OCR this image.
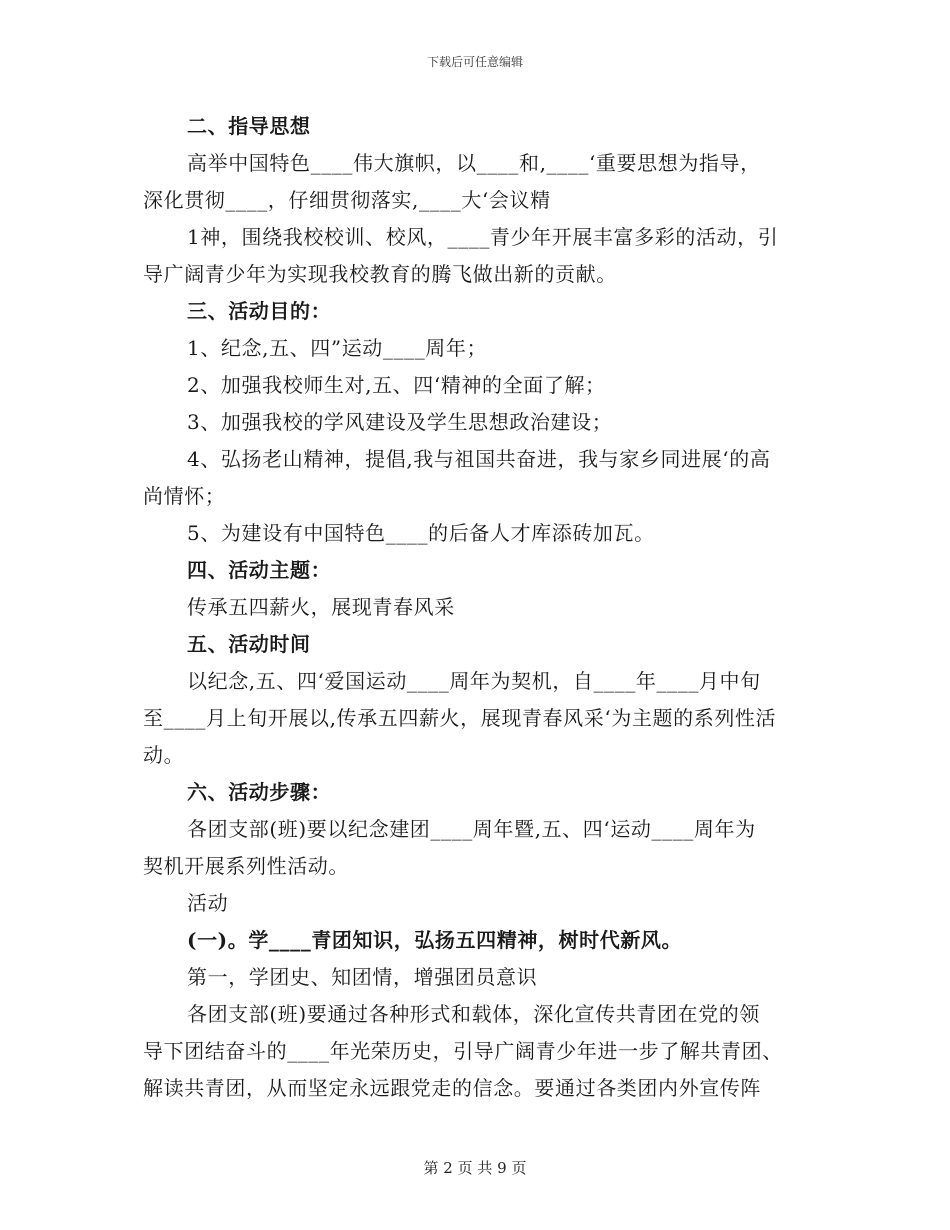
下载后可任意编辑
二、指导思想
高举中国特色____伟大旗帜，以____和,____‘重要思想为指导，
深化贯彻____，仔细贯彻落实,____大‘会议精
1神，围绕我校校训、校风，____青少年开展丰富多彩的活动，引
导广阔青少年为实现我校教育的腾飞做出新的贡献。
三、活动目的：
1、纪念,五、四”运动____周年；
2、加强我校师生对,五、四‘精神的全面了解；
3、加强我校的学风建设及学生思想政治建设；
4、弘扬老山精神，提倡,我与祖国共奋进，我与家乡同进展‘的高
尚情怀；
5、为建设有中国特色____的后备人才库添砖加瓦。
四、活动主题：
传承五四薪火，展现青春风采
五、活动时间
以纪念,五、四‘爱国运动____周年为契机，自____年____月中旬
至____月上旬开展以,传承五四薪火，展现青春风采‘为主题的系列性活
动。
六、活动步骤：
各团支部(班)要以纪念建团____周年暨,五、四‘运动____周年为
契机开展系列性活动。
活动
(一)。学____青团知识，弘扬五四精神，树时代新风。
第一，学团史、知团情，增强团员意识
各团支部(班)要通过各种形式和载体，深化宣传共青团在党的领
导下团结奋斗的____年光荣历史，引导广阔青少年进一步了解共青团、
解读共青团，从而坚定永远跟党走的信念。要通过各类团内外宣传阵
第 2 页 共 9 页
